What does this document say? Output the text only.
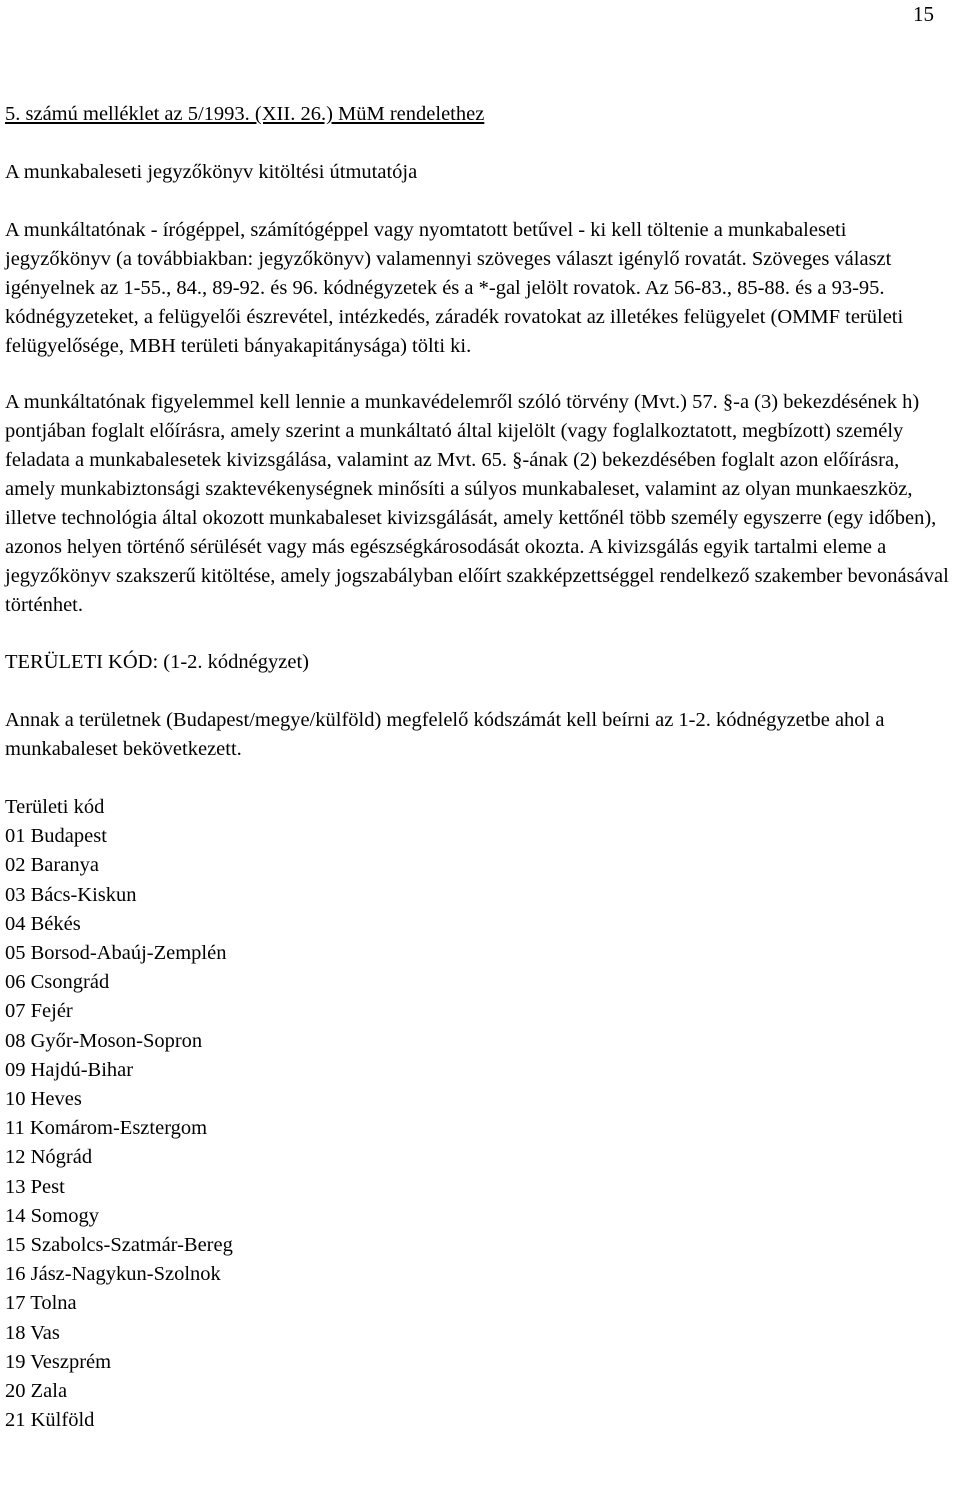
15

5. számú melléklet az 5/1993. (XII. 26.) MüM rendelethez

A munkabaleseti jegyzőkönyv kitöltési útmutatója

A munkáltatónak - írógéppel, számítógéppel vagy nyomtatott betűvel - ki kell töltenie a munkabaleseti jegyzőkönyv (a továbbiakban: jegyzőkönyv) valamennyi szöveges választ igénylő rovatát. Szöveges választ igényelnek az 1-55., 84., 89-92. és 96. kódnégyzetek és a *-gal jelölt rovatok. Az 56-83., 85-88. és a 93-95. kódnégyzeteket, a felügyelői észrevétel, intézkedés, záradék rovatokat az illetékes felügyelet (OMMF területi felügyelősége, MBH területi bányakapitánysága) tölti ki.

A munkáltatónak figyelemmel kell lennie a munkavédelemről szóló törvény (Mvt.) 57. §-a (3) bekezdésének h) pontjában foglalt előírásra, amely szerint a munkáltató által kijelölt (vagy foglalkoztatott, megbízott) személy feladata a munkabalesetek kivizsgálása, valamint az Mvt. 65. §-ának (2) bekezdésében foglalt azon előírásra, amely munkabiztonsági szaktevékenységnek minősíti a súlyos munkabaleset, valamint az olyan munkaeszköz, illetve technológia által okozott munkabaleset kivizsgálását, amely kettőnél több személy egyszerre (egy időben), azonos helyen történő sérülését vagy más egészségkárosodását okozta. A kivizsgálás egyik tartalmi eleme a jegyzőkönyv szakszerű kitöltése, amely jogszabályban előírt szakképzettséggel rendelkező szakember bevonásával történhet.

TERÜLETI KÓD: (1-2. kódnégyzet)

Annak a területnek (Budapest/megye/külföld) megfelelő kódszámát kell beírni az 1-2. kódnégyzetbe ahol a munkabaleset bekövetkezett.

Területi kód
01 Budapest
02 Baranya
03 Bács-Kiskun
04 Békés
05 Borsod-Abaúj-Zemplén
06 Csongrád
07 Fejér
08 Győr-Moson-Sopron
09 Hajdú-Bihar
10 Heves
11 Komárom-Esztergom
12 Nógrád
13 Pest
14 Somogy
15 Szabolcs-Szatmár-Bereg
16 Jász-Nagykun-Szolnok
17 Tolna
18 Vas
19 Veszprém
20 Zala
21 Külföld
